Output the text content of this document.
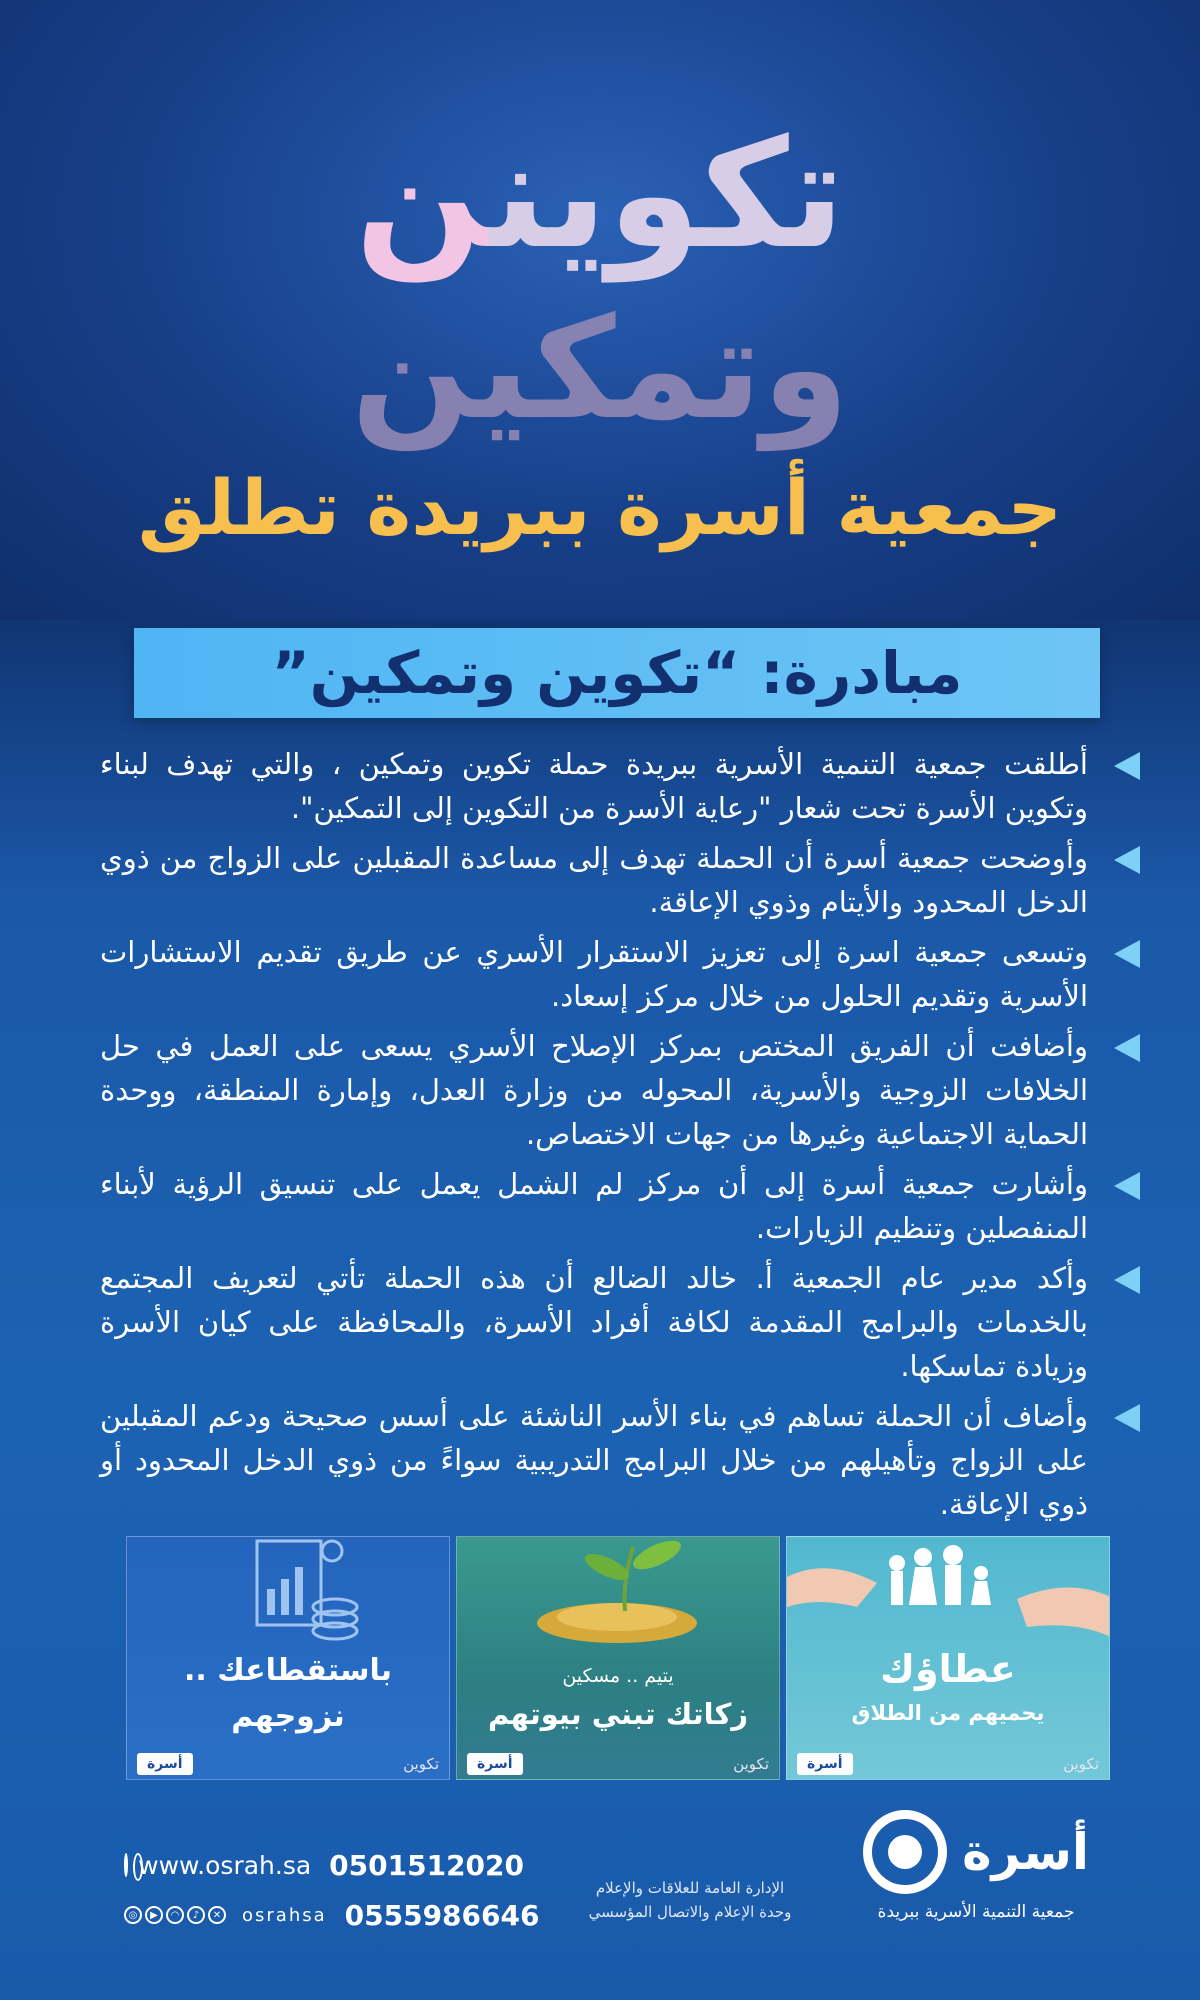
تكوينن
وتمكين
جمعية أسرة ببريدة تطلق
مبادرة: “تكوين وتمكين”
أطلقت جمعية التنمية الأسرية ببريدة حملة تكوين وتمكين ، والتي تهدف لبناء وتكوين الأسرة تحت شعار "رعاية الأسرة من التكوين إلى التمكين".
وأوضحت جمعية أسرة أن الحملة تهدف إلى مساعدة المقبلين على الزواج من ذوي الدخل المحدود والأيتام وذوي الإعاقة.
وتسعى جمعية اسرة إلى تعزيز الاستقرار الأسري عن طريق تقديم الاستشارات الأسرية وتقديم الحلول من خلال مركز إسعاد.
وأضافت أن الفريق المختص بمركز الإصلاح الأسري يسعى على العمل في حل الخلافات الزوجية والأسرية، المحوله من وزارة العدل، وإمارة المنطقة، ووحدة الحماية الاجتماعية وغيرها من جهات الاختصاص.
وأشارت جمعية أسرة إلى أن مركز لم الشمل يعمل على تنسيق الرؤية لأبناء المنفصلين وتنظيم الزيارات.
وأكد مدير عام الجمعية أ. خالد الضالع أن هذه الحملة تأتي لتعريف المجتمع بالخدمات والبرامج المقدمة لكافة أفراد الأسرة، والمحافظة على كيان الأسرة وزيادة تماسكها.
وأضاف أن الحملة تساهم في بناء الأسر الناشئة على أسس صحيحة ودعم المقبلين على الزواج وتأهيلهم من خلال البرامج التدريبية سواءً من ذوي الدخل المحدود أو ذوي الإعاقة.
باستقطاعك ..
نزوجهم
أسرة	تكوين
يتيم .. مسكين
زكاتك تبني بيوتهم
أسرة	تكوين
عطاؤك
يحميهم من الطلاق
أسرة	تكوين
أسرة
جمعية التنمية الأسرية ببريدة
الإدارة العامة للعلاقات والإعلام
وحدة الإعلام والاتصال المؤسسي
www.osrah.sa 0501512020
◎	▶	◠	♪	✕ osrahsa 0555986646
